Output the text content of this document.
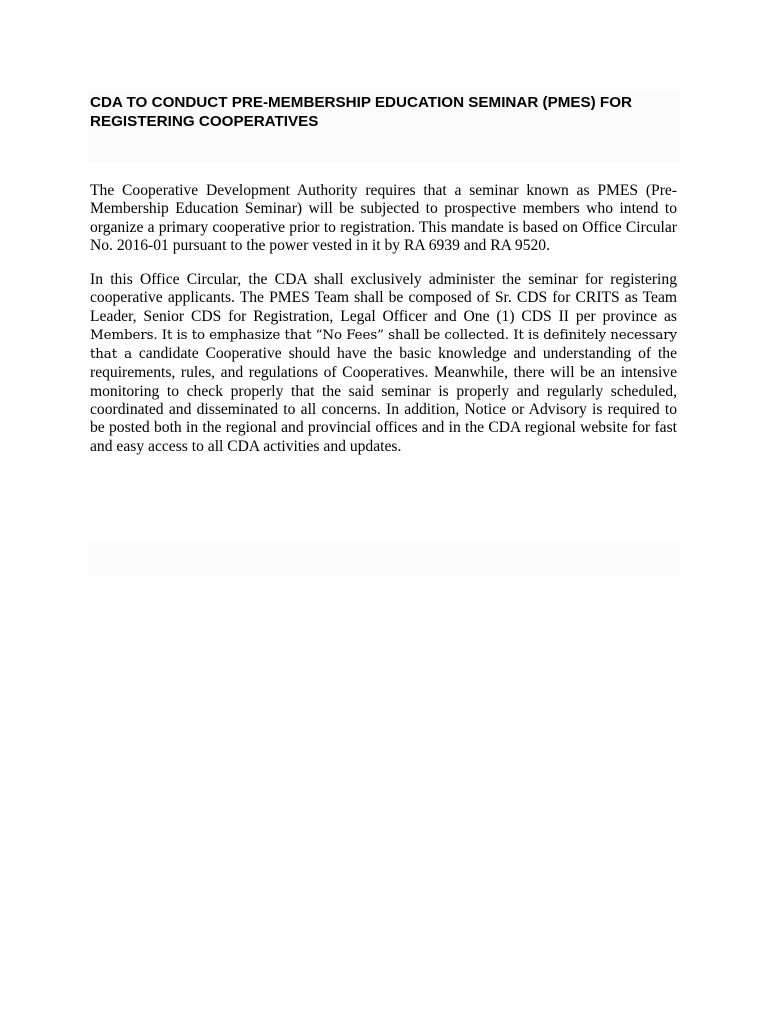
CDA TO CONDUCT PRE-MEMBERSHIP EDUCATION SEMINAR (PMES) FOR
REGISTERING COOPERATIVES

The Cooperative Development Authority requires that a seminar known as PMES (Pre-Membership Education Seminar) will be subjected to prospective members who intend to organize a primary cooperative prior to registration. This mandate is based on Office Circular No. 2016-01 pursuant to the power vested in it by RA 6939 and RA 9520.

In this Office Circular, the CDA shall exclusively administer the seminar for registering cooperative applicants. The PMES Team shall be composed of Sr. CDS for CRITS as Team Leader, Senior CDS for Registration, Legal Officer and One (1) CDS II per province as Members. It is to emphasize that “No Fees” shall be collected. It is definitely necessary that a candidate Cooperative should have the basic knowledge and understanding of the requirements, rules, and regulations of Cooperatives. Meanwhile, there will be an intensive monitoring to check properly that the said seminar is properly and regularly scheduled, coordinated and disseminated to all concerns. In addition, Notice or Advisory is required to be posted both in the regional and provincial offices and in the CDA regional website for fast and easy access to all CDA activities and updates.
